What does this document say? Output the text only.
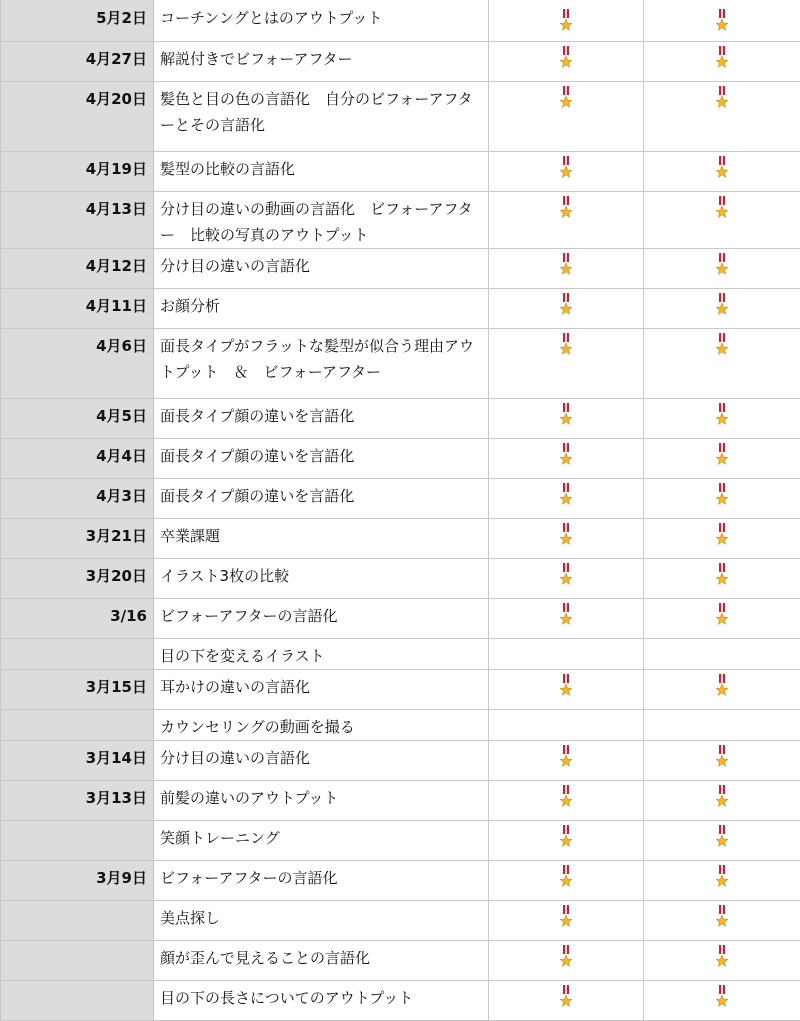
5月2日	コーチンングとはのアウトプット	

4月27日	解説付きでビフォーアフター	

4月20日	髪色と目の色の言語化　自分のビフォーアフターとその言語化	

4月19日	髪型の比較の言語化	

4月13日	分け目の違いの動画の言語化　ビフォーアフター　比較の写真のアウトプット	

4月12日	分け目の違いの言語化	

4月11日	お顔分析	

4月6日	面長タイプがフラットな髪型が似合う理由アウトプット　＆　ビフォーアフター	

4月5日	面長タイプ顔の違いを言語化	

4月4日	面長タイプ顔の違いを言語化	

4月3日	面長タイプ顔の違いを言語化	

3月21日	卒業課題	

3月20日	イラスト3枚の比較	

3/16	ビフォーアフターの言語化	

	目の下を変えるイラスト		
3月15日	耳かけの違いの言語化	

	カウンセリングの動画を撮る		
3月14日	分け目の違いの言語化	

3月13日	前髪の違いのアウトプット	

	笑顔トレーニング	

3月9日	ビフォーアフターの言語化	

	美点探し	

	顔が歪んで見えることの言語化	

	目の下の長さについてのアウトプット	
